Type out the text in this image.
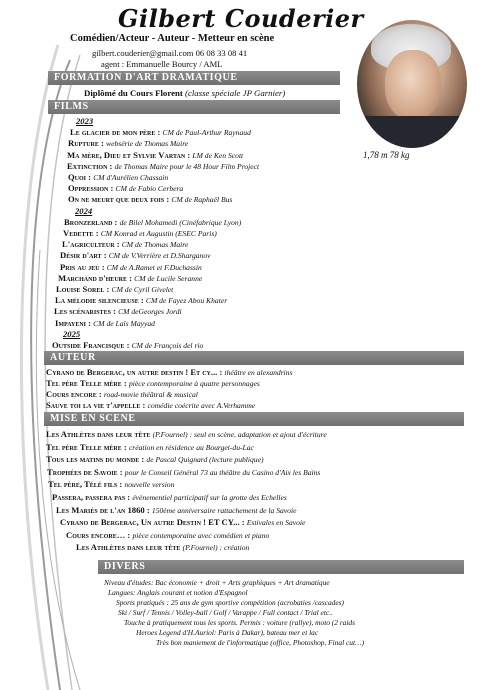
Gilbert Couderier
Comédien/Acteur - Auteur - Metteur en scène
gilbert.couderier@gmail.com 06 08 33 08 41
agent : Emmanuelle Bourcy / AML
1,78 m 78 kg
FORMATION D'ART DRAMATIQUE
Diplômé du Cours Florent (classe spéciale JP Garnier)
FILMS
2023
Le glacier de mon père : CM de Paul-Arthur Raynaud
Rupture : websérie de Thomas Maire
Ma mère, Dieu et Sylvie Vartan : LM de Ken Scott
Extinction : de Thomas Maire pour le 48 Hour Film Project
Quoi : CM d'Aurélien Chassain
Oppression : CM de Fabio Cerbera
On ne meurt que deux fois : CM de Raphaël Bus
2024
Bronzerland : de Bilel Mohamedi (Cinéfabrique Lyon)
Vedette : CM Konrad et Augustin (ESEC Paris)
L'agriculteur : CM de Thomas Maire
Désir d'art : CM de V.Verrière et D.Sharganov
Pris au jeu : CM de A.Ramet et F.Duchassin
Marchand d'heure : CM de Lucile Seranne
Louise Sorel : CM de Cyril Givelet
La mélodie silencieuse : CM de Fayez Abou Khater
Les scénaristes : CM deGeorges Jordi
Impayeni : CM de Laïs Mayyad
2025
Outside Francisque : CM de François del rio
AUTEUR
Cyrano de Bergerac, un autre destin ! Et cy... : théâtre en alexandrins
Tel père Telle mère : pièce contemporaine à quatre personnages
Cours encore : road-movie théâtral & musical
Sauve toi la vie t'appelle : comédie coécrite avec A.Verhamme
MISE EN SCENE
Les Athlètes dans leur tête (P.Fournel) : seul en scène, adaptation et ajout d'écriture
Tel père Telle mère : création en résidence au Bourget-du-Lac
Tous les matins du monde : de Pascal Quignard (lecture publique)
Trophées de Savoie : pour le Conseil Général 73 au théâtre du Casino d'Aix les Bains
Tel père, Télé fils : nouvelle version
Passera, passera pas : évènementiel participatif sur la grotte des Echelles
Les Mariés de l'an 1860 : 150ème anniversaire rattachement de la Savoie
Cyrano de Bergerac, Un autre Destin ! ET CY... : Estivales en Savoie
Cours encore… : pièce contemporaine avec comédien et piano
Les Athlètes dans leur tête (P.Fournel) : création
DIVERS
Niveau d'études: Bac économie + droit + Arts graphiques + Art dramatique
Langues: Anglais courant et notion d'Espagnol
Sports pratiqués : 25 ans de gym sportive compétition (acrobaties /cascades)
Ski / Surf / Tennis / Volley-ball / Golf / Varappe / Full contact / Trial etc..
Touche à pratiquement tous les sports. Permis : voiture (rallye), moto (2 raids
Heroes Legend d'H.Auriol: Paris à Dakar), bateau mer et lac
Très bon maniement de l'informatique (office, Photoshop, Final cut…)
